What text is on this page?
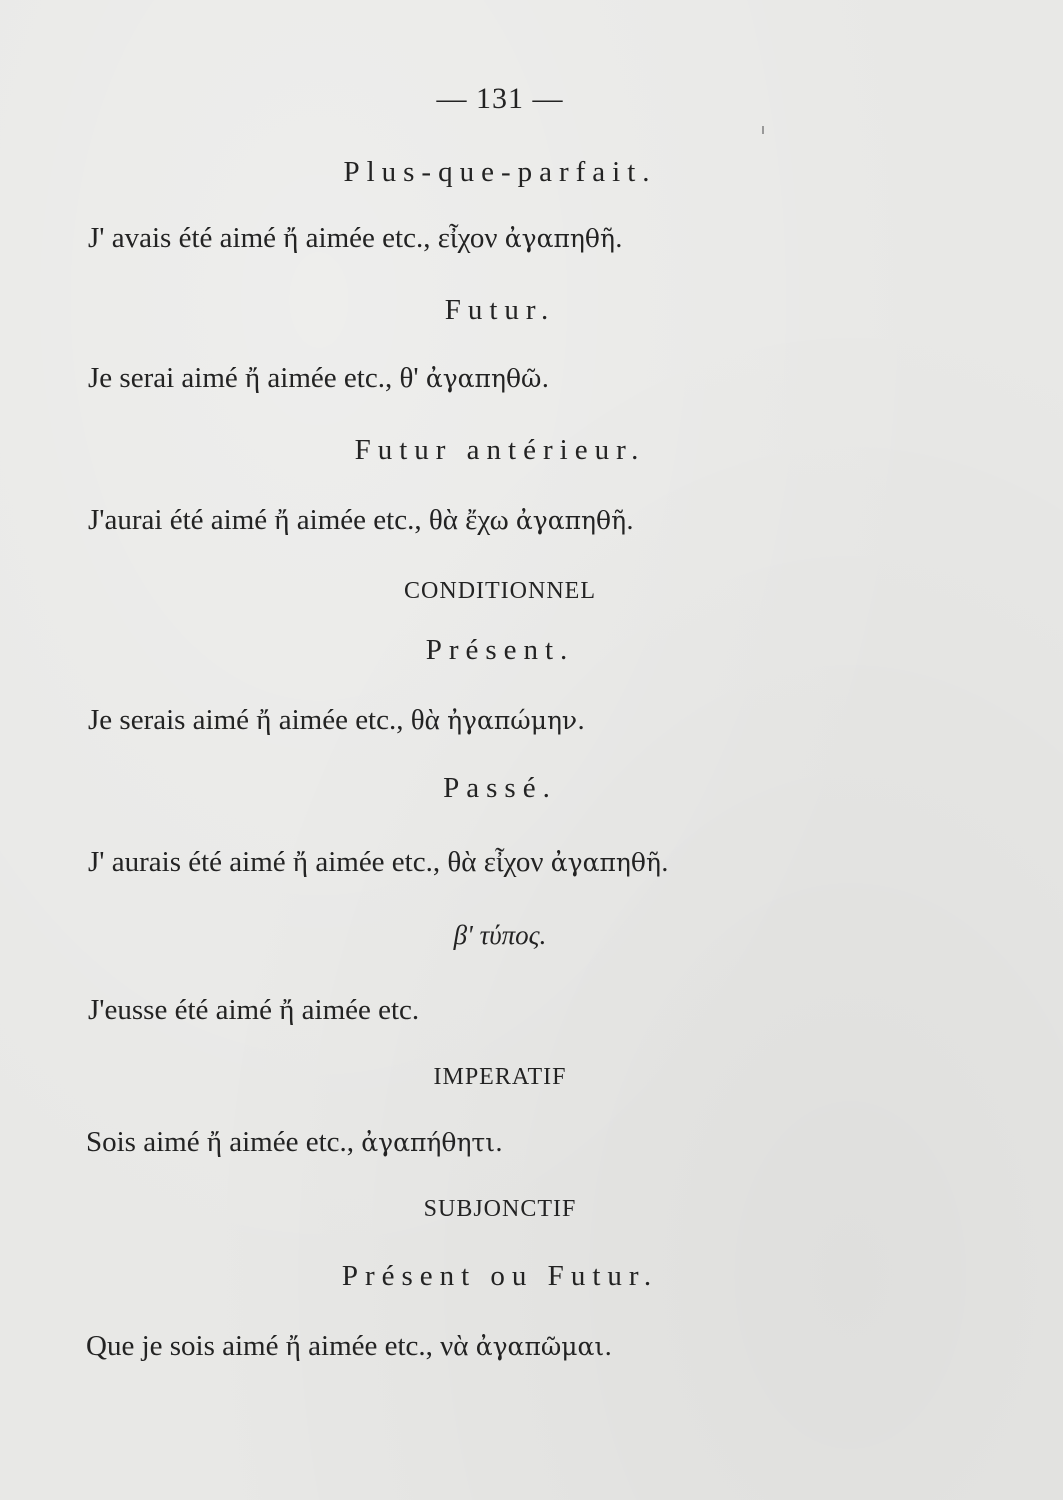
— 131 —
Plus-que-parfait.
J' avais été aimé ἤ aimée etc., εἶχον ἀγαπηθῆ.
Futur.
Je serai aimé ἤ aimée etc., θ' ἀγαπηθῶ.
Futur antérieur.
J'aurai été aimé ἤ aimée etc., θὰ ἔχω ἀγαπηθῆ.
CONDITIONNEL
Présent.
Je serais aimé ἤ aimée etc., θὰ ἠγαπώμην.
Passé.
J' aurais été aimé ἤ aimée etc., θὰ εἶχον ἀγαπηθῆ.
β' τύπος.
J'eusse été aimé ἤ aimée etc.
IMPERATIF
Sois aimé ἤ aimée etc., ἀγαπήθητι.
SUBJONCTIF
Présent ou Futur.
Que je sois aimé ἤ aimée etc., νὰ ἀγαπῶμαι.
